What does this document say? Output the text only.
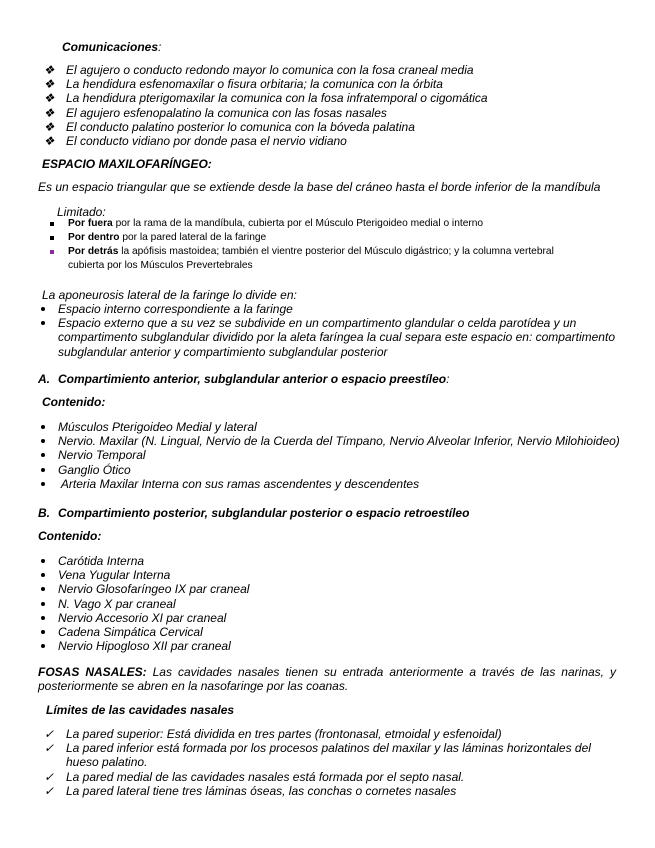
Comunicaciones:
❖ El agujero o conducto redondo mayor lo comunica con la fosa craneal media
❖ La hendidura esfenomaxilar o fisura orbitaria; la comunica con la órbita
❖ La hendidura pterigomaxilar la comunica con la fosa infratemporal o cigomática
❖ El agujero esfenopalatino la comunica con las fosas nasales
❖ El conducto palatino posterior lo comunica con la bóveda palatina
❖ El conducto vidiano por donde pasa el nervio vidiano
ESPACIO MAXILOFARÍNGEO:
Es un espacio triangular que se extiende desde la base del cráneo hasta el borde inferior de la mandíbula
Limitado:
Por fuera por la rama de la mandíbula, cubierta por el Músculo Pterigoideo medial o interno
Por dentro por la pared lateral de la faringe
Por detrás la apófisis mastoidea; también el vientre posterior del Músculo digástrico; y la columna vertebral
cubierta por los Músculos Prevertebrales
La aponeurosis lateral de la faringe lo divide en:
Espacio interno correspondiente a la faringe
Espacio externo que a su vez se subdivide en un compartimento glandular o celda parotídea y un compartimento subglandular dividido por la aleta faríngea la cual separa este espacio en: compartimento subglandular anterior y compartimiento subglandular posterior
A. Compartimiento anterior, subglandular anterior o espacio preestíleo:
Contenido:
Músculos Pterigoideo Medial y lateral
Nervio. Maxilar (N. Lingual, Nervio de la Cuerda del Tímpano, Nervio Alveolar Inferior, Nervio Milohioideo)
Nervio Temporal
Ganglio Ótico
Arteria Maxilar Interna con sus ramas ascendentes y descendentes
B. Compartimiento posterior, subglandular posterior o espacio retroestíleo
Contenido:
Carótida Interna
Vena Yugular Interna
Nervio Glosofaríngeo IX par craneal
N. Vago X par craneal
Nervio Accesorio XI par craneal
Cadena Simpática Cervical
Nervio Hipogloso XII par craneal
FOSAS NASALES: Las cavidades nasales tienen su entrada anteriormente a través de las narinas, y posteriormente se abren en la nasofaringe por las coanas.
Límites de las cavidades nasales
✓ La pared superior: Está dividida en tres partes (frontonasal, etmoidal y esfenoidal)
✓ La pared inferior está formada por los procesos palatinos del maxilar y las láminas horizontales del hueso palatino.
✓ La pared medial de las cavidades nasales está formada por el septo nasal.
✓ La pared lateral tiene tres láminas óseas, las conchas o cornetes nasales
